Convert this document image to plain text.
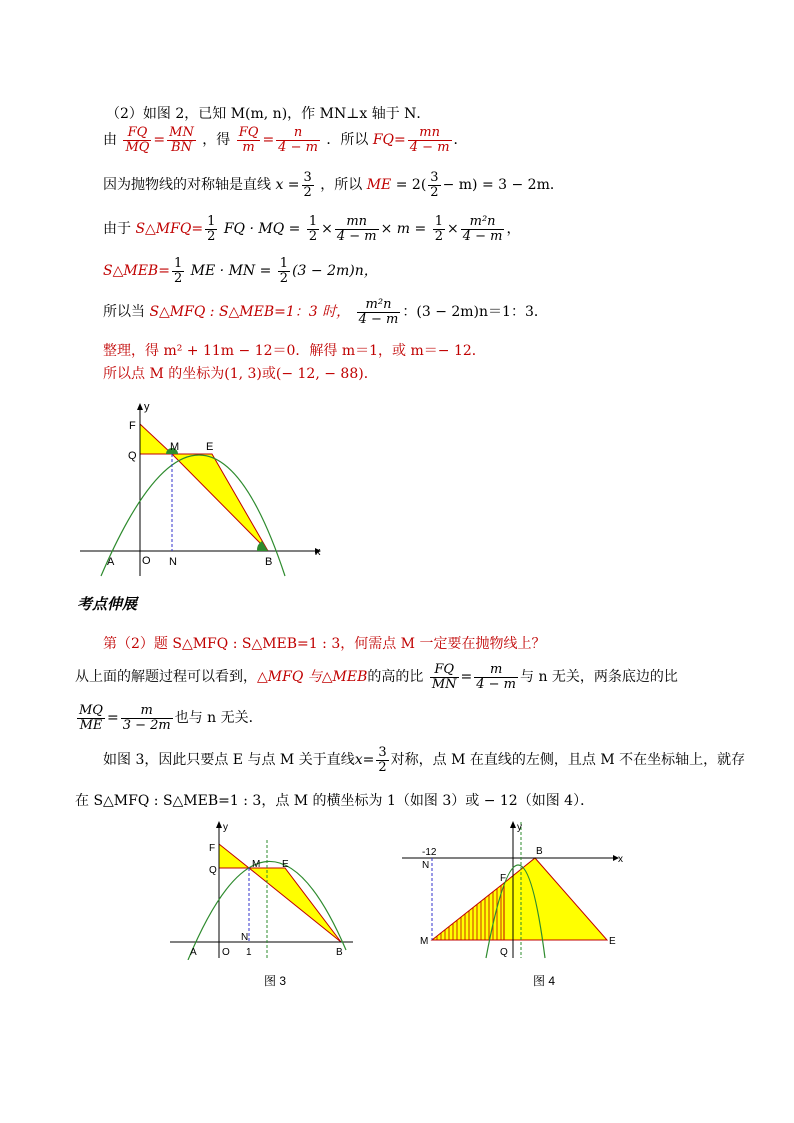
（2）如图 2，已知 M(m, n)，作 MN⊥x 轴于 N．
由 $\frac{FQ}{MQ} = \frac{MN}{BN}$ ，得 $\frac{FQ}{m} = \frac{n}{4 - m}$ ．所以 $FQ= \frac{mn}{4 - m}$ ．
因为抛物线的对称轴是直线 $x = \frac{3}{2}$ ，所以 ME = $2( \frac{3}{2} - m) = 3 - 2m$．
由于 S△MFQ= $\frac{1}{2}$ FQ · MQ = $\frac{1}{2} \times \frac{mn}{4 - m} \times m = \frac{1}{2} \times \frac{\text{m²n}}{4 - m}$ ，
S△MEB= $\frac{1}{2}$ ME · MN = $\frac{1}{2} (3 - 2m)n$，
所以当 S△MFQ : S△MEB=1：3 时， $\frac{\text{m²n}}{4 - m}$ ：(3 − 2m)n＝1：3．
整理，得 m² + 11m − 12＝0．解得 m＝1，或 m＝− 12．
所以点 M 的坐标为(1, 3)或(− 12, − 88)．
y
x
F
M E
Q
A	O N	B
考点伸展
第（2）题 S△MFQ : S△MEB=1 : 3，何需点 M 一定要在抛物线上？
从上面的解题过程可以看到，△MFQ 与△MEB的高的比 $\frac{FQ}{MN} = \frac{m}{4 - m}$ 与 n 无关，两条底边的比
$\frac{MQ}{ME} = \frac{m}{3 - 2m}$ 也与 n 无关．
如图 3，因此只要点 E 与点 M 关于直线$x= \frac{3}{2}$ 对称，点 M 在直线的左侧，且点 M 不在坐标轴上，就存
在 S△MFQ : S△MEB=1 : 3，点 M 的横坐标为 1（如图 3）或 − 12（如图 4）．
y
F
M E
Q
N
A	O 1	B
图 3
y
x
-12
N
B
F
M
Q
E
图 4
